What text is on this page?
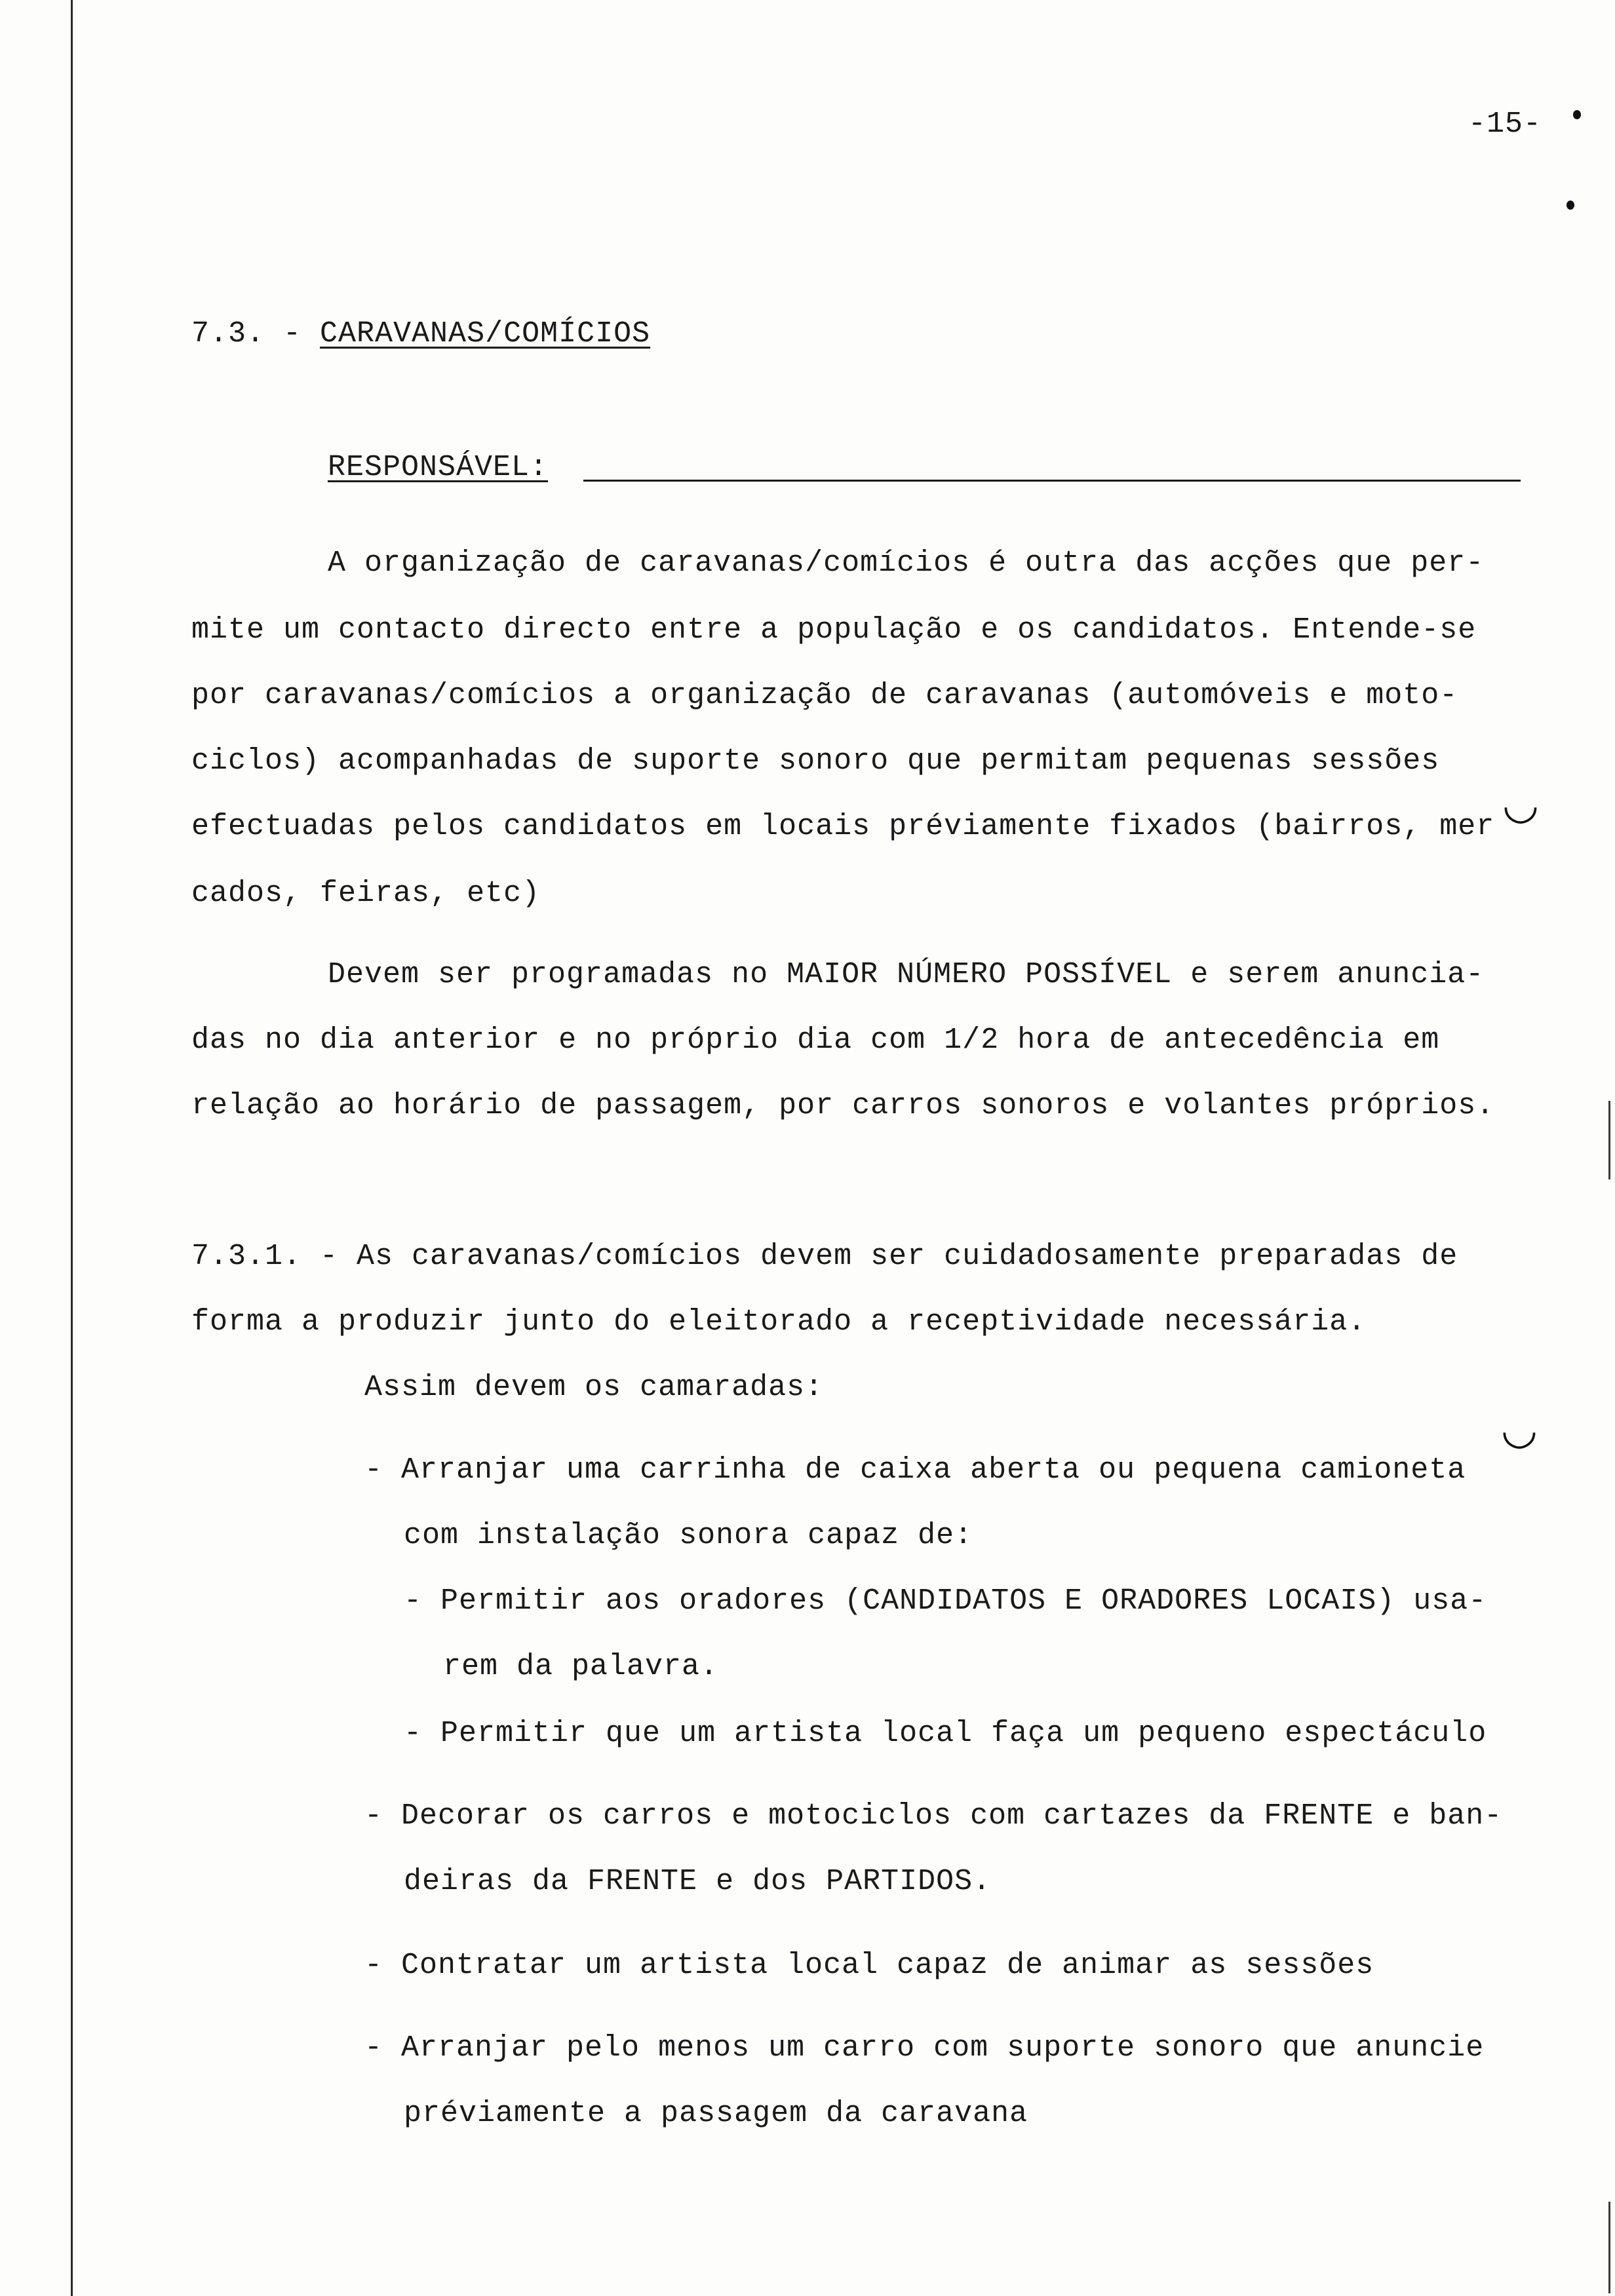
-15-
7.3. - CARAVANAS/COMÍCIOS
RESPONSÁVEL:
A organização de caravanas/comícios é outra das acções que per-
mite um contacto directo entre a população e os candidatos. Entende-se
por caravanas/comícios a organização de caravanas (automóveis e moto-
ciclos) acompanhadas de suporte sonoro que permitam pequenas sessões
efectuadas pelos candidatos em locais préviamente fixados (bairros, mer
cados, feiras, etc)
◡
Devem ser programadas no MAIOR NÚMERO POSSÍVEL e serem anuncia-
das no dia anterior e no próprio dia com 1/2 hora de antecedência em
relação ao horário de passagem, por carros sonoros e volantes próprios.
7.3.1. - As caravanas/comícios devem ser cuidadosamente preparadas de
forma a produzir junto do eleitorado a receptividade necessária.
Assim devem os camaradas:
◡
- Arranjar uma carrinha de caixa aberta ou pequena camioneta
com instalação sonora capaz de:
- Permitir aos oradores (CANDIDATOS E ORADORES LOCAIS) usa-
rem da palavra.
- Permitir que um artista local faça um pequeno espectáculo
- Decorar os carros e motociclos com cartazes da FRENTE e ban-
deiras da FRENTE e dos PARTIDOS.
- Contratar um artista local capaz de animar as sessões
- Arranjar pelo menos um carro com suporte sonoro que anuncie
préviamente a passagem da caravana
